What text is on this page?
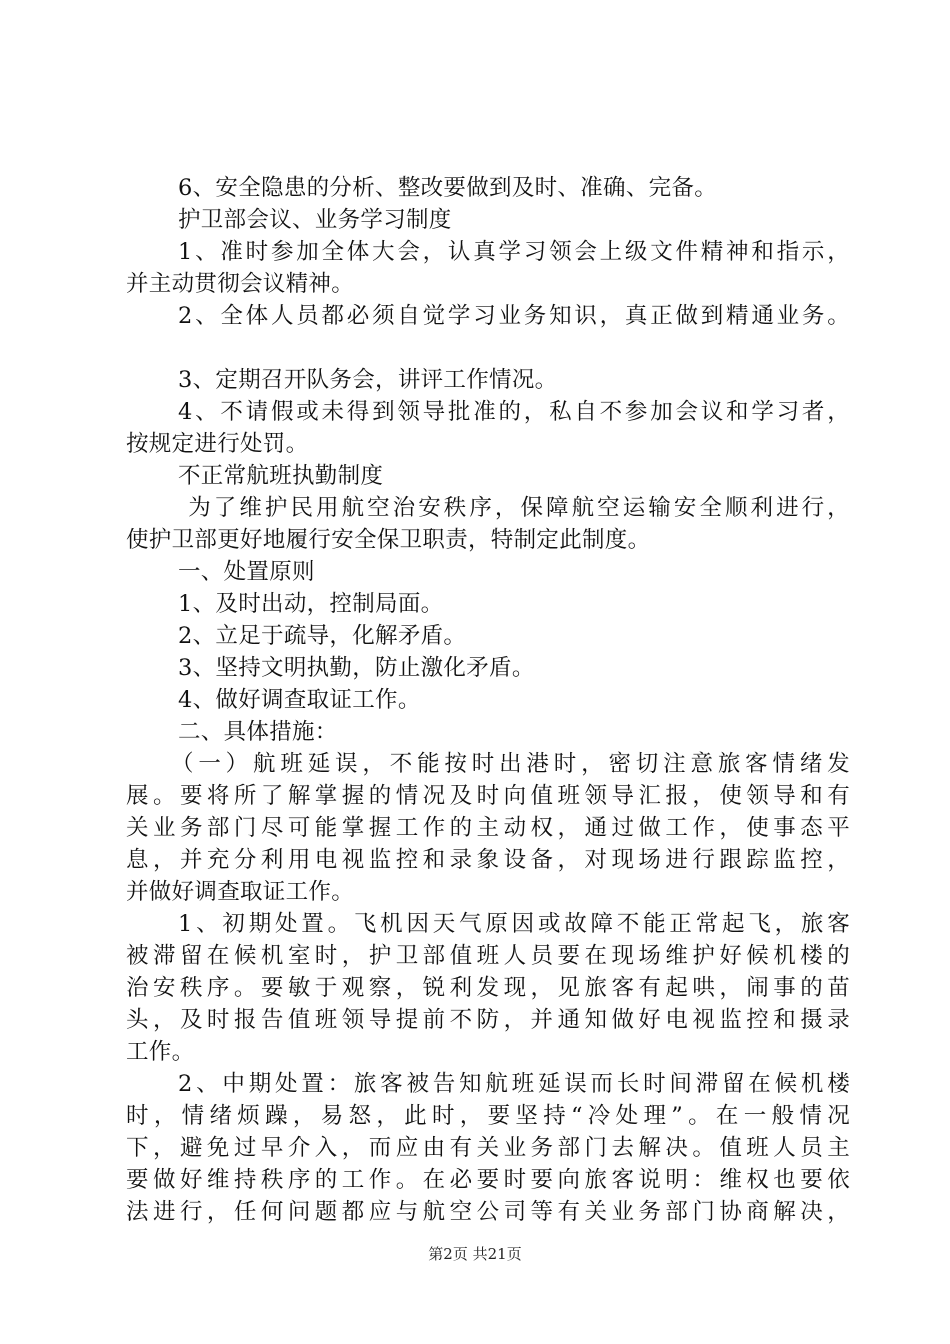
6、安全隐患的分析、整改要做到及时、准确、完备。
护卫部会议、业务学习制度
1、准时参加全体大会，认真学习领会上级文件精神和指示，
并主动贯彻会议精神。
2、全体人员都必须自觉学习业务知识，真正做到精通业务。
3、定期召开队务会，讲评工作情况。
4、不请假或未得到领导批准的，私自不参加会议和学习者，
按规定进行处罚。
不正常航班执勤制度
为了维护民用航空治安秩序，保障航空运输安全顺利进行，
使护卫部更好地履行安全保卫职责，特制定此制度。
一、处置原则
1、及时出动，控制局面。
2、立足于疏导，化解矛盾。
3、坚持文明执勤，防止激化矛盾。
4、做好调查取证工作。
二、具体措施：
（一）航班延误，不能按时出港时，密切注意旅客情绪发
展。要将所了解掌握的情况及时向值班领导汇报，使领导和有
关业务部门尽可能掌握工作的主动权，通过做工作，使事态平
息，并充分利用电视监控和录象设备，对现场进行跟踪监控，
并做好调查取证工作。
1、初期处置。飞机因天气原因或故障不能正常起飞，旅客
被滞留在候机室时，护卫部值班人员要在现场维护好候机楼的
治安秩序。要敏于观察，锐利发现，见旅客有起哄，闹事的苗
头，及时报告值班领导提前不防，并通知做好电视监控和摄录
工作。
2、中期处置：旅客被告知航班延误而长时间滞留在候机楼
时，情绪烦躁，易怒，此时，要坚持“冷处理”。在一般情况
下，避免过早介入，而应由有关业务部门去解决。值班人员主
要做好维持秩序的工作。在必要时要向旅客说明：维权也要依
法进行，任何问题都应与航空公司等有关业务部门协商解决，
第2页 共21页
